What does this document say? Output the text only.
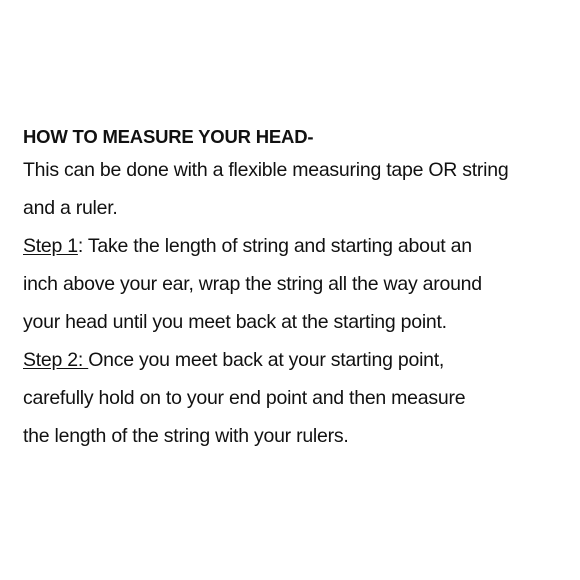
HOW TO MEASURE YOUR HEAD-
This can be done with a flexible measuring tape OR string
and a ruler.
Step 1: Take the length of string and starting about an
inch above your ear, wrap the string all the way around
your head until you meet back at the starting point.
Step 2: Once you meet back at your starting point,
carefully hold on to your end point and then measure
the length of the string with your rulers.
